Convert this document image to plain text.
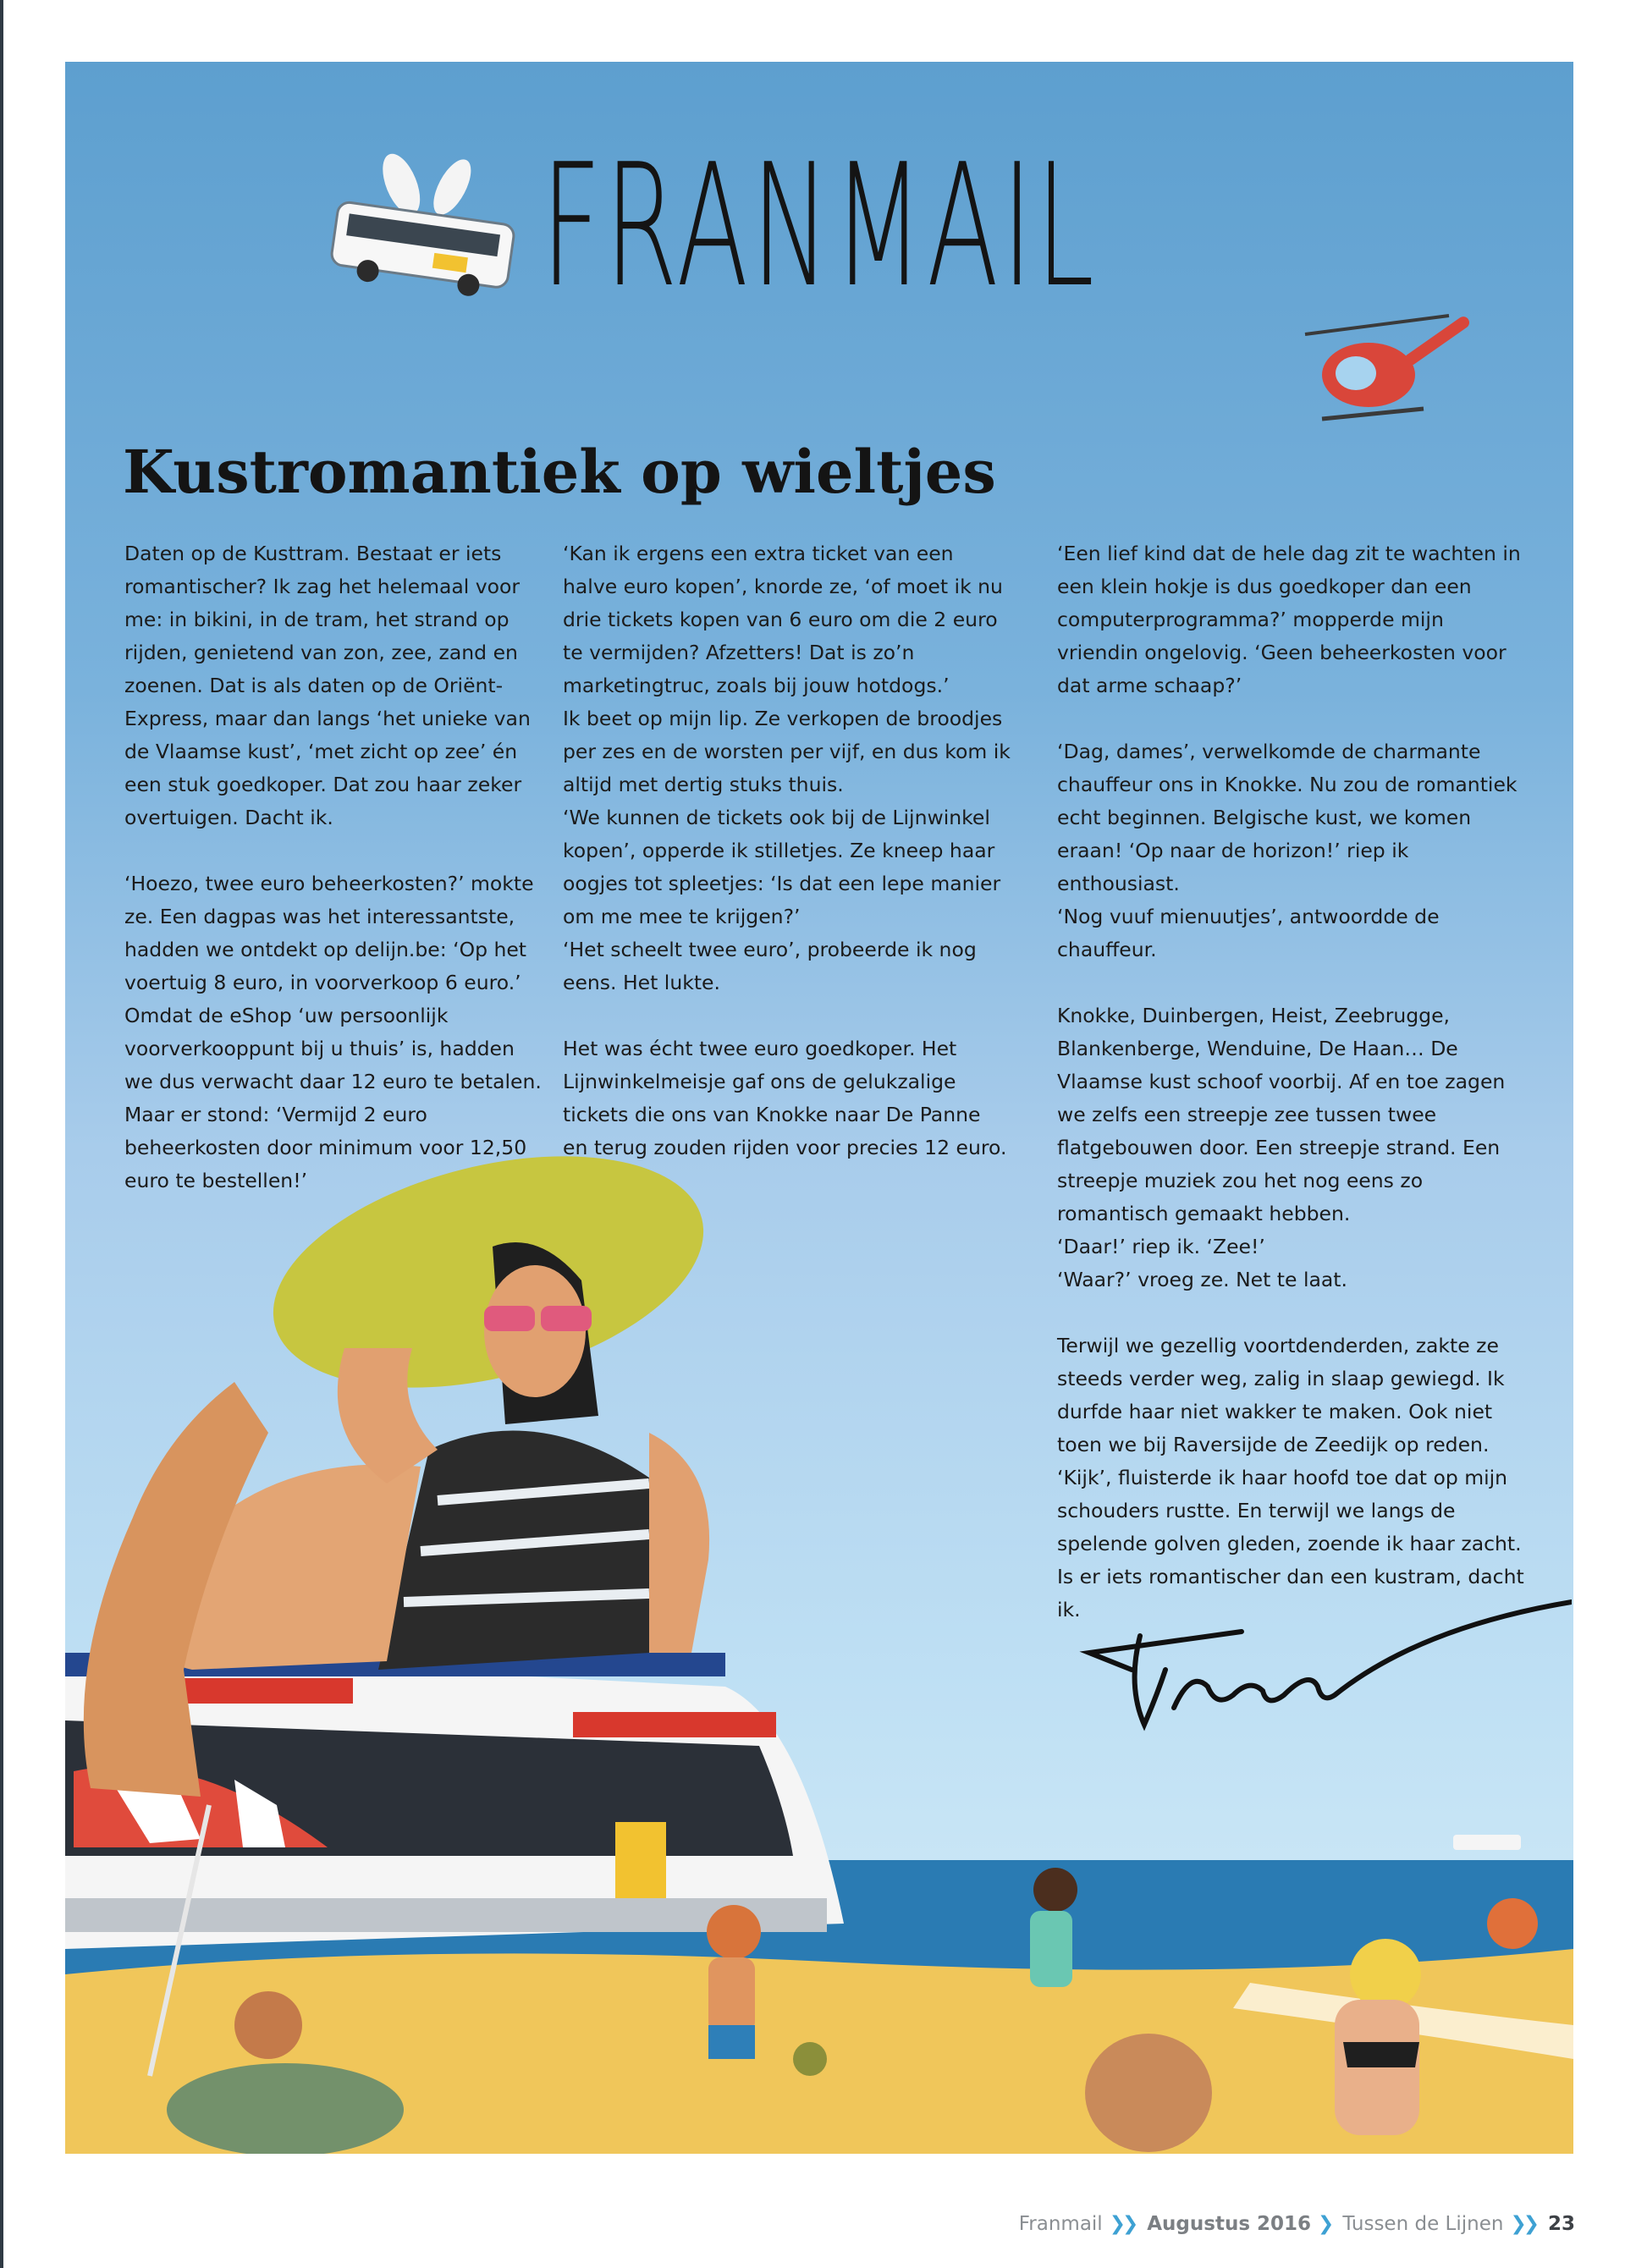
FRANMAIL
Kustromantiek op wieltjes

Daten op de Kusttram. Bestaat er iets romantischer? Ik zag het helemaal voor me: in bikini, in de tram, het strand op rijden, genietend van zon, zee, zand en zoenen. Dat is als daten op de Oriënt-Express, maar dan langs ‘het unieke van de Vlaamse kust’, ‘met zicht op zee’ én een stuk goedkoper. Dat zou haar zeker overtuigen. Dacht ik.

‘Hoezo, twee euro beheerkosten?’ mokte ze. Een dagpas was het interessantste, hadden we ontdekt op delijn.be: ‘Op het voertuig 8 euro, in voorverkoop 6 euro.’ Omdat de eShop ‘uw persoonlijk voorverkooppunt bij u thuis’ is, hadden we dus verwacht daar 12 euro te betalen. Maar er stond: ‘Vermijd 2 euro beheerkosten door minimum voor 12,50 euro te bestellen!’

‘Kan ik ergens een extra ticket van een halve euro kopen’, knorde ze, ‘of moet ik nu drie tickets kopen van 6 euro om die 2 euro te vermijden? Afzetters! Dat is zo’n marketingtruc, zoals bij jouw hotdogs.’

Ik beet op mijn lip. Ze verkopen de broodjes per zes en de worsten per vijf, en dus kom ik altijd met dertig stuks thuis.

‘We kunnen de tickets ook bij de Lijnwinkel kopen’, opperde ik stilletjes. Ze kneep haar oogjes tot spleetjes: ‘Is dat een lepe manier om me mee te krijgen?’

‘Het scheelt twee euro’, probeerde ik nog eens. Het lukte.

Het was écht twee euro goedkoper. Het Lijnwinkelmeisje gaf ons de gelukzalige tickets die ons van Knokke naar De Panne en terug zouden rijden voor precies 12 euro.

‘Een lief kind dat de hele dag zit te wachten in een klein hokje is dus goedkoper dan een computerprogramma?’ mopperde mijn vriendin ongelovig. ‘Geen beheerkosten voor dat arme schaap?’

‘Dag, dames’, verwelkomde de charmante chauffeur ons in Knokke. Nu zou de romantiek echt beginnen. Belgische kust, we komen eraan! ‘Op naar de horizon!’ riep ik enthousiast.

‘Nog vuuf mienuutjes’, antwoordde de chauffeur.

Knokke, Duinbergen, Heist, Zeebrugge, Blankenberge, Wenduine, De Haan… De Vlaamse kust schoof voorbij. Af en toe zagen we zelfs een streepje zee tussen twee flatgebouwen door. Een streepje strand. Een streepje muziek zou het nog eens zo romantisch gemaakt hebben.

‘Daar!’ riep ik. ‘Zee!’

‘Waar?’ vroeg ze. Net te laat.

Terwijl we gezellig voortdenderden, zakte ze steeds verder weg, zalig in slaap gewiegd. Ik durfde haar niet wakker te maken. Ook niet toen we bij Raversijde de Zeedijk op reden.

‘Kijk’, fluisterde ik haar hoofd toe dat op mijn schouders rustte. En terwijl we langs de spelende golven gleden, zoende ik haar zacht.

Is er iets romantischer dan een kustram, dacht ik.

Franmail ❯❯ Augustus 2016 ❯ Tussen de Lijnen ❯❯ 23
